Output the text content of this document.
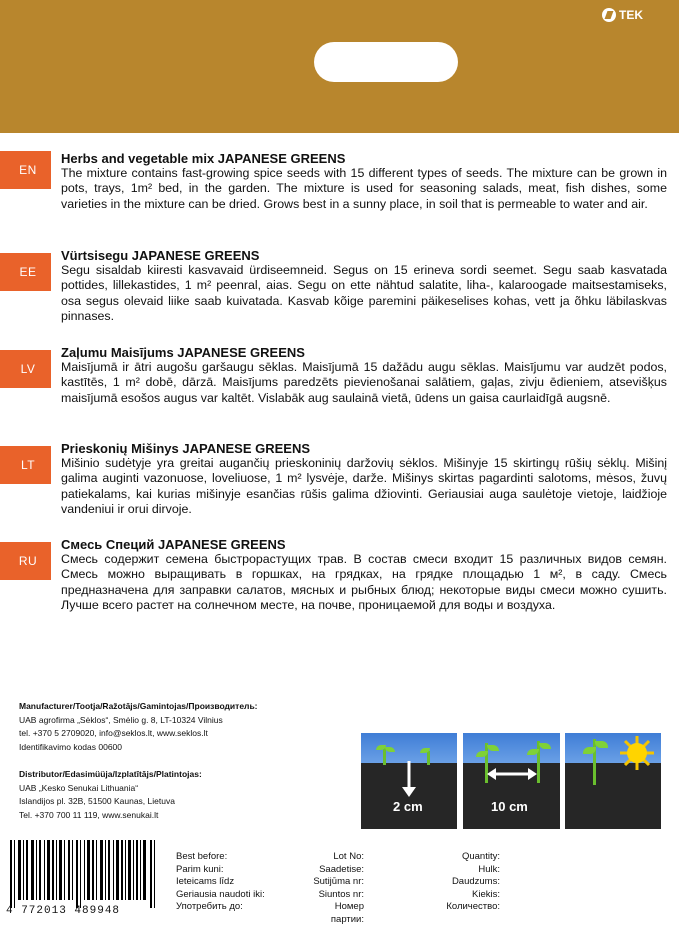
TEK
EN

Herbs and vegetable mix JAPANESE GREENS

The mixture contains fast-growing spice seeds with 15 different types of seeds. The mixture can be grown in pots, trays, 1m² bed, in the garden. The mixture is used for seasoning salads, meat, fish dishes, some varieties in the mixture can be dried. Grows best in a sunny place, in soil that is permeable to water and air.

EE

Vürtsisegu JAPANESE GREENS

Segu sisaldab kiiresti kasvavaid ürdiseemneid. Segus on 15 erineva sordi seemet. Segu saab kasvatada pottides, lillekastides, 1 m² peenral, aias. Segu on ette nähtud salatite, liha-, kalaroogade maitsestamiseks, osa segus olevaid liike saab kuivatada. Kasvab kõige paremini päikeselises kohas, vett ja õhku läbilaskvas pinnases.

LV

Zaļumu Maisījums JAPANESE GREENS

Maisījumā ir ātri augošu garšaugu sēklas. Maisījumā 15 dažādu augu sēklas. Maisījumu var audzēt podos, kastītēs, 1 m² dobē, dārzā. Maisījums paredzēts pievienošanai salātiem, gaļas, zivju ēdieniem, atsevišķus maisījumā esošos augus var kaltēt. Vislabāk aug saulainā vietā, ūdens un gaisa caurlaidīgā augsnē.

LT

Prieskonių Mišinys JAPANESE GREENS

Mišinio sudėtyje yra greitai augančių prieskoninių daržovių sėklos. Mišinyje 15 skirtingų rūšių sėklų. Mišinį galima auginti vazonuose, loveliuose, 1 m² lysvėje, darže. Mišinys skirtas pagardinti salotoms, mėsos, žuvų patiekalams, kai kurias mišinyje esančias rūšis galima džiovinti. Geriausiai auga saulėtoje vietoje, laidžioje vandeniui ir orui dirvoje.

RU

Смесь Специй JAPANESE GREENS

Смесь содержит семена быстрорастущих трав. В состав смеси входит 15 различных видов семян. Смесь можно выращивать в горшках, на грядках, на грядке площадью 1 м², в саду. Смесь предназначена для заправки салатов, мясных и рыбных блюд; некоторые виды смеси можно сушить. Лучше всего растет на солнечном месте, на почве, проницаемой для воды и воздуха.

Manufacturer/Tootja/Ražotājs/Gamintojas/Производитель:
UAB agrofirma „Sėklos“, Smėlio g. 8, LT-10324 Vilnius
tel. +370 5 2709020, info@seklos.lt, www.seklos.lt
Identifikavimo kodas 00600
Distributor/Edasimüüja/Izplatītājs/Platintojas:
UAB „Kesko Senukai Lithuania“
Islandijos pl. 32B, 51500 Kaunas, Lietuva
Tel. +370 700 11 119, www.senukai.lt
2 cm	10 cm
4 772013 489948
Best before:
Parim kuni:
Ieteicams līdz
Geriausia naudoti iki:
Употребить до:
Lot No:
Saadetise:
Sutijūma nr:
Siuntos nr:
Номер партии:
Quantity:
Hulk:
Daudzums:
Kiekis:
Количество:
